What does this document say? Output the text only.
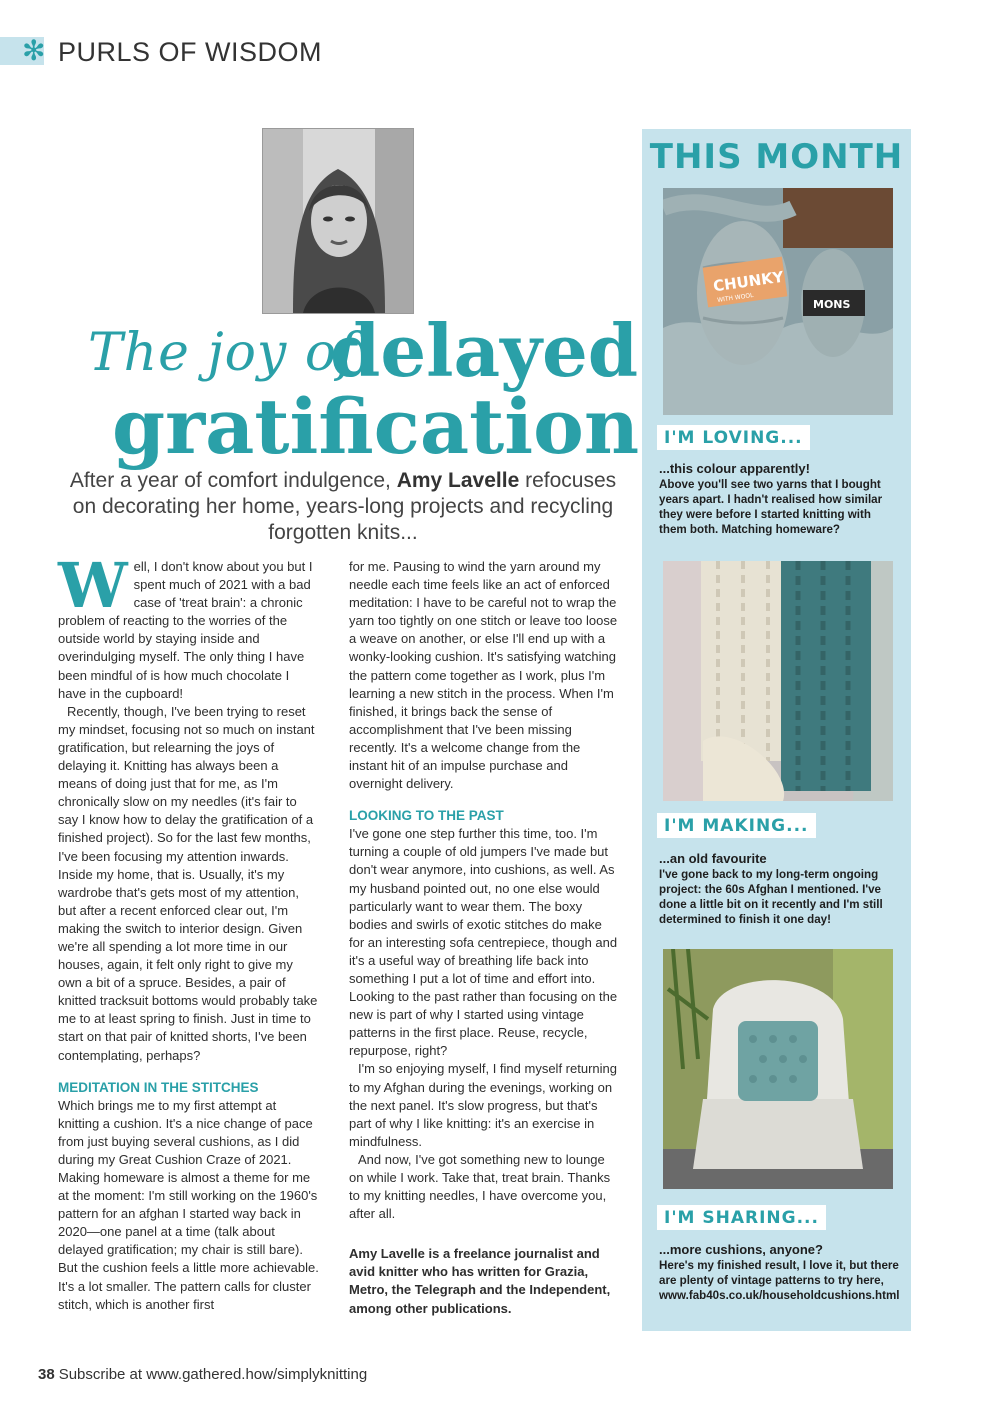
✻ PURLS OF WISDOM
The joy of
delayed
gratification
After a year of comfort indulgence, Amy Lavelle refocuses on decorating her home, years-long projects and recycling forgotten knits...

Well, I don't know about you but I spent much of 2021 with a bad case of 'treat brain': a chronic problem of reacting to the worries of the outside world by staying inside and overindulging myself. The only thing I have been mindful of is how much chocolate I have in the cupboard!

Recently, though, I've been trying to reset my mindset, focusing not so much on instant gratification, but relearning the joys of delaying it. Knitting has always been a means of doing just that for me, as I'm chronically slow on my needles (it's fair to say I know how to delay the gratification of a finished project). So for the last few months, I've been focusing my attention inwards. Inside my home, that is. Usually, it's my wardrobe that's gets most of my attention, but after a recent enforced clear out, I'm making the switch to interior design. Given we're all spending a lot more time in our houses, again, it felt only right to give my own a bit of a spruce. Besides, a pair of knitted tracksuit bottoms would probably take me to at least spring to finish. Just in time to start on that pair of knitted shorts, I've been contemplating, perhaps?

MEDITATION IN THE STITCHES

Which brings me to my first attempt at knitting a cushion. It's a nice change of pace from just buying several cushions, as I did during my Great Cushion Craze of 2021. Making homeware is almost a theme for me at the moment: I'm still working on the 1960's pattern for an afghan I started way back in 2020—one panel at a time (talk about delayed gratification; my chair is still bare). But the cushion feels a little more achievable. It's a lot smaller. The pattern calls for cluster stitch, which is another first

for me. Pausing to wind the yarn around my needle each time feels like an act of enforced meditation: I have to be careful not to wrap the yarn too tightly on one stitch or leave too loose a weave on another, or else I'll end up with a wonky-looking cushion. It's satisfying watching the pattern come together as I work, plus I'm learning a new stitch in the process. When I'm finished, it brings back the sense of accomplishment that I've been missing recently. It's a welcome change from the instant hit of an impulse purchase and overnight delivery.

LOOKING TO THE PAST

I've gone one step further this time, too. I'm turning a couple of old jumpers I've made but don't wear anymore, into cushions, as well. As my husband pointed out, no one else would particularly want to wear them. The boxy bodies and swirls of exotic stitches do make for an interesting sofa centrepiece, though and it's a useful way of breathing life back into something I put a lot of time and effort into. Looking to the past rather than focusing on the new is part of why I started using vintage patterns in the first place. Reuse, recycle, repurpose, right?

I'm so enjoying myself, I find myself returning to my Afghan during the evenings, working on the next panel. It's slow progress, but that's part of why I like knitting: it's an exercise in mindfulness.

And now, I've got something new to lounge on while I work. Take that, treat brain. Thanks to my knitting needles, I have overcome you, after all.

Amy Lavelle is a freelance journalist and avid knitter who has written for Grazia, Metro, the Telegraph and the Independent, among other publications.
THIS MONTH
CHUNKY
WITH WOOL
MONS
I'M LOVING...
...this colour apparently!
Above you'll see two yarns that I bought years apart. I hadn't realised how similar they were before I started knitting with them both. Matching homeware?
I'M MAKING...
...an old favourite
I've gone back to my long-term ongoing project: the 60s Afghan I mentioned. I've done a little bit on it recently and I'm still determined to finish it one day!
I'M SHARING...
...more cushions, anyone?
Here's my finished result, I love it, but there are plenty of vintage patterns to try here, www.fab40s.co.uk/householdcushions.html
38 Subscribe at www.gathered.how/simplyknitting
